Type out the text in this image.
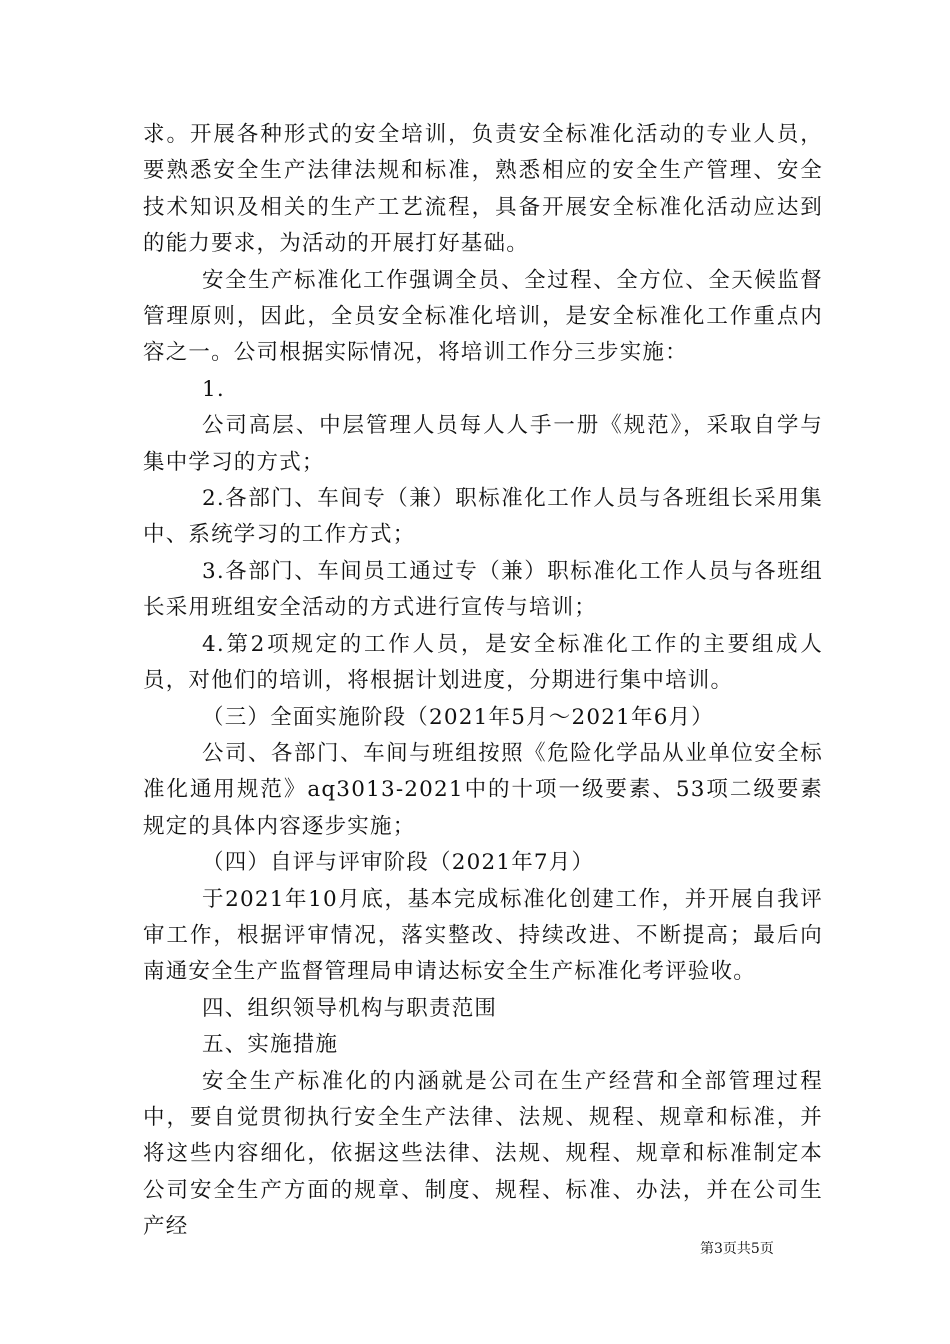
求。开展各种形式的安全培训，负责安全标准化活动的专业人员，要熟悉安全生产法律法规和标准，熟悉相应的安全生产管理、安全技术知识及相关的生产工艺流程，具备开展安全标准化活动应达到的能力要求，为活动的开展打好基础。

安全生产标准化工作强调全员、全过程、全方位、全天候监督管理原则，因此，全员安全标准化培训，是安全标准化工作重点内容之一。公司根据实际情况，将培训工作分三步实施：

1.

公司高层、中层管理人员每人人手一册《规范》，采取自学与集中学习的方式；

2.各部门、车间专（兼）职标准化工作人员与各班组长采用集中、系统学习的工作方式；

3.各部门、车间员工通过专（兼）职标准化工作人员与各班组长采用班组安全活动的方式进行宣传与培训；

4.第2项规定的工作人员，是安全标准化工作的主要组成人员，对他们的培训，将根据计划进度，分期进行集中培训。

（三）全面实施阶段（2021年5月～2021年6月）

公司、各部门、车间与班组按照《危险化学品从业单位安全标准化通用规范》aq3013-2021中的十项一级要素、53项二级要素规定的具体内容逐步实施；

（四）自评与评审阶段（2021年7月）

于2021年10月底，基本完成标准化创建工作，并开展自我评审工作，根据评审情况，落实整改、持续改进、不断提高；最后向南通安全生产监督管理局申请达标安全生产标准化考评验收。

四、组织领导机构与职责范围

五、实施措施

安全生产标准化的内涵就是公司在生产经营和全部管理过程中，要自觉贯彻执行安全生产法律、法规、规程、规章和标准，并将这些内容细化，依据这些法律、法规、规程、规章和标准制定本公司安全生产方面的规章、制度、规程、标准、办法，并在公司生产经

第3页共5页
